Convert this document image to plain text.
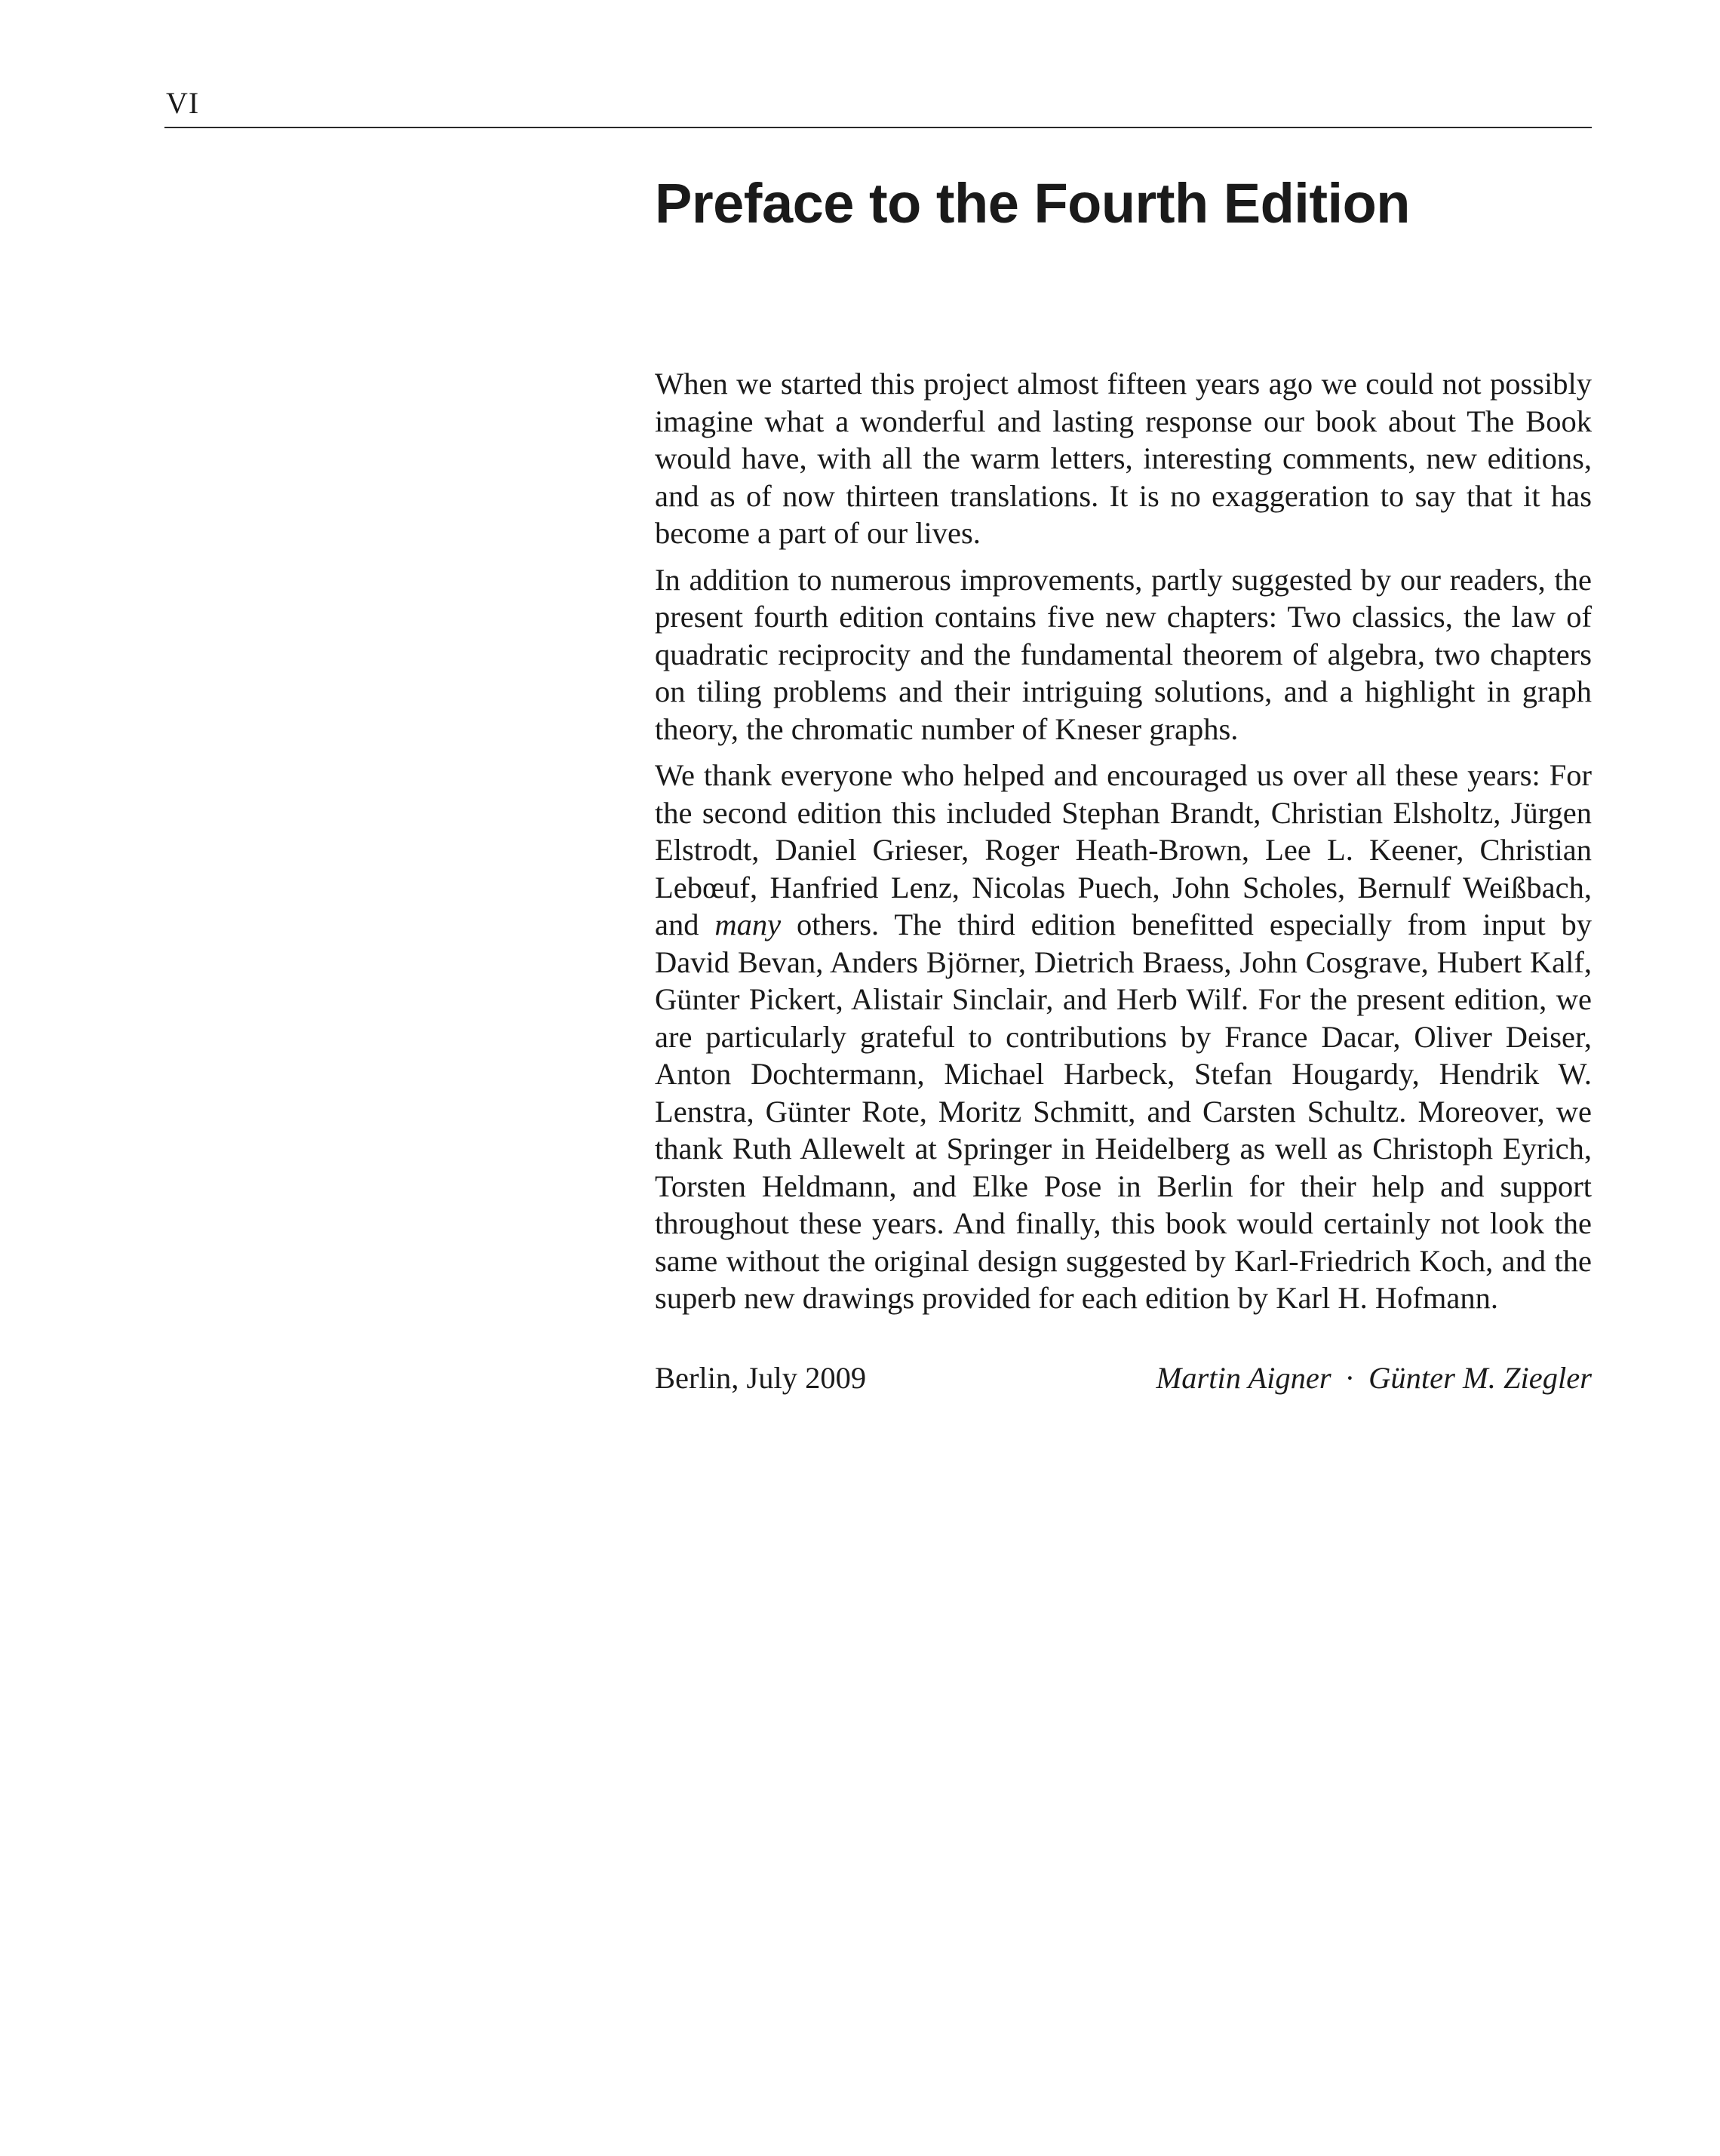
VI
Preface to the Fourth Edition

When we started this project almost fifteen years ago we could not possibly imagine what a wonderful and lasting response our book about The Book would have, with all the warm letters, interesting comments, new editions, and as of now thirteen translations. It is no exaggeration to say that it has become a part of our lives.

In addition to numerous improvements, partly suggested by our readers, the present fourth edition contains five new chapters: Two classics, the law of quadratic reciprocity and the fundamental theorem of algebra, two chapters on tiling problems and their intriguing solutions, and a highlight in graph theory, the chromatic number of Kneser graphs.

We thank everyone who helped and encouraged us over all these years: For the second edition this included Stephan Brandt, Christian Elsholtz, Jürgen Elstrodt, Daniel Grieser, Roger Heath-Brown, Lee L. Keener, Christian Lebœuf, Hanfried Lenz, Nicolas Puech, John Scholes, Bernulf Weißbach, and many others. The third edition benefitted especially from input by David Bevan, Anders Björner, Dietrich Braess, John Cosgrave, Hubert Kalf, Günter Pickert, Alistair Sinclair, and Herb Wilf. For the present edition, we are particularly grateful to contributions by France Dacar, Oliver Deiser, Anton Dochtermann, Michael Harbeck, Stefan Hougardy, Hendrik W. Lenstra, Günter Rote, Moritz Schmitt, and Carsten Schultz. Moreover, we thank Ruth Allewelt at Springer in Heidelberg as well as Christoph Eyrich, Torsten Heldmann, and Elke Pose in Berlin for their help and support throughout these years. And finally, this book would certainly not look the same without the original design suggested by Karl-Friedrich Koch, and the superb new drawings provided for each edition by Karl H. Hofmann.

Berlin, July 2009	Martin Aigner · Günter M. Ziegler
